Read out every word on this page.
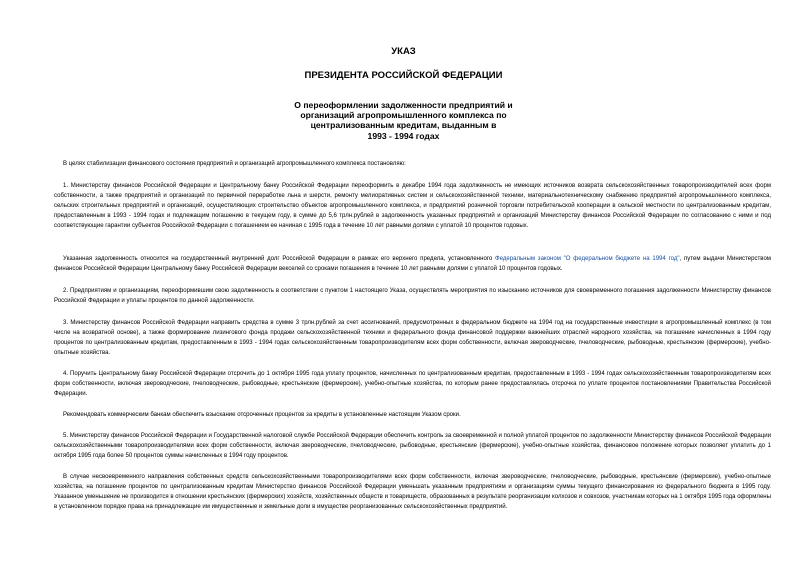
УКАЗ
ПРЕЗИДЕНТА РОССИЙСКОЙ ФЕДЕРАЦИИ
О переоформлении задолженности предприятий и
организаций агропромышленного комплекса по
централизованным кредитам, выданным в
1993 - 1994 годах

В целях стабилизации финансового состояния предприятий и организаций агропромышленного комплекса постановляю:

1. Министерству финансов Российской Федерации и Центральному банку Российской Федерации переоформить в декабре 1994 года задолженность не имеющих источников возврата сельскохозяйственных товаропроизводителей всех форм собственности, а также предприятий и организаций по первичной переработке льна и шерсти, ремонту мелиоративных систем и сельскохозяйственной техники, материальнотехническому снабжению предприятий агропромышленного комплекса, сельских строительных предприятий и организаций, осуществляющих строительство объектов агропромышленного комплекса, и предприятий розничной торговли потребительской кооперации в сельской местности по централизованным кредитам, предоставленным в 1993 - 1994 годах и подлежащим погашению в текущем году, в сумме до 5,6 трлн.рублей в задолженность указанных предприятий и организаций Министерству финансов Российской Федерации по согласованию с ними и под соответствующие гарантии субъектов Российской Федерации с погашением ее начиная с 1995 года в течение 10 лет равными долями с уплатой 10 процентов годовых.

Указанная задолженность относится на государственный внутренний долг Российской Федерации в рамках его верхнего предела, установленного Федеральным законом "О федеральном бюджете на 1994 год", путем выдачи Министерством финансов Российской Федерации Центральному банку Российской Федерации векселей со сроками погашения в течение 10 лет равными долями с уплатой 10 процентов годовых.

2. Предприятиям и организациям, переоформившим свою задолженность в соответствии с пунктом 1 настоящего Указа, осуществлять мероприятия по изысканию источников для своевременного погашения задолженности Министерству финансов Российской Федерации и уплаты процентов по данной задолженности.

3. Министерству финансов Российской Федерации направить средства в сумме 3 трлн.рублей за счет ассигнований, предусмотренных в федеральном бюджете на 1994 год на государственные инвестиции в агропромышленный комплекс (в том числе на возвратной основе), а также формирование лизингового фонда продажи сельскохозяйственной техники и федерального фонда финансовой поддержки важнейших отраслей народного хозяйства, на погашение начисленных в 1994 году процентов по централизованным кредитам, предоставленным в 1993 - 1994 годах сельскохозяйственным товаропроизводителям всех форм собственности, включая звероводческие, пчеловодческие, рыбоводные, крестьянские (фермерские), учебно-опытные хозяйства.

4. Поручить Центральному банку Российской Федерации отсрочить до 1 октября 1995 года уплату процентов, начисленных по централизованным кредитам, предоставленным в 1993 - 1994 годах сельскохозяйственным товаропроизводителям всех форм собственности, включая звероводческие, пчеловодческие, рыбоводные, крестьянские (фермерские), учебно-опытные хозяйства, по которым ранее предоставлялась отсрочка по уплате процентов постановлениями Правительства Российской Федерации.

Рекомендовать коммерческим банкам обеспечить взыскание отсроченных процентов за кредиты в установленные настоящим Указом сроки.

5. Министерству финансов Российской Федерации и Государственной налоговой службе Российской Федерации обеспечить контроль за своевременной и полной уплатой процентов по задолженности Министерству финансов Российской Федерации сельскохозяйственными товаропроизводителями всех форм собственности, включая звероводческие, пчеловодческие, рыбоводные, крестьянские (фермерские), учебно-опытные хозяйства, финансовое положение которых позволяет уплатить до 1 октября 1995 года более 50 процентов суммы начисленных в 1994 году процентов.

В случае несвоевременного направления собственных средств сельскохозяйственными товаропроизводителями всех форм собственности, включая звероводческие, пчеловодческие, рыбоводные, крестьянские (фермерские), учебно-опытные хозяйства, на погашение процентов по централизованным кредитам Министерство финансов Российской Федерации уменьшать указанным предприятиям и организациям суммы текущего финансирования из федерального бюджета в 1995 году. Указанное уменьшение не производится в отношении крестьянских (фермерских) хозяйств, хозяйственных обществ и товариществ, образованных в результате реорганизации колхозов и совхозов, участникам которых на 1 октября 1995 года оформлены в установленном порядке права на принадлежащие им имущественные и земельные доли в имуществе реорганизованных сельскохозяйственных предприятий.
